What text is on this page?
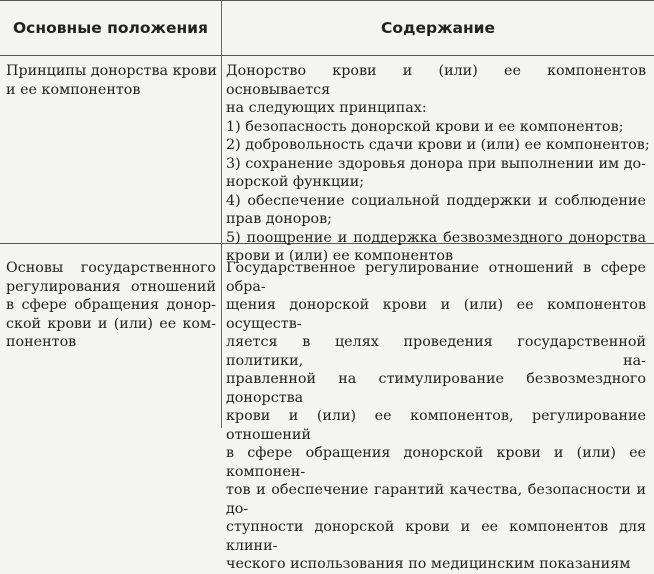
Основные положения	Содержание
Принципы донорства крови
и ее компонентов
Донорство крови и (или) ее компонентов основывается
на следующих принципах:
1) безопасность донорской крови и ее компонентов;
2) добровольность сдачи крови и (или) ее компонентов;
3) сохранение здоровья донора при выполнении им до-
норской функции;
4) обеспечение социальной поддержки и соблюдение
прав доноров;
5) поощрение и поддержка безвозмездного донорства
крови и (или) ее компонентов
Основы государственного
регулирования отношений
в сфере обращения донор-
ской крови и (или) ее ком-
понентов
Государственное регулирование отношений в сфере обра-
щения донорской крови и (или) ее компонентов осуществ-
ляется в целях проведения государственной политики, на-
правленной на стимулирование безвозмездного донорства
крови и (или) ее компонентов, регулирование отношений
в сфере обращения донорской крови и (или) ее компонен-
тов и обеспечение гарантий качества, безопасности и до-
ступности донорской крови и ее компонентов для клини-
ческого использования по медицинским показаниям
